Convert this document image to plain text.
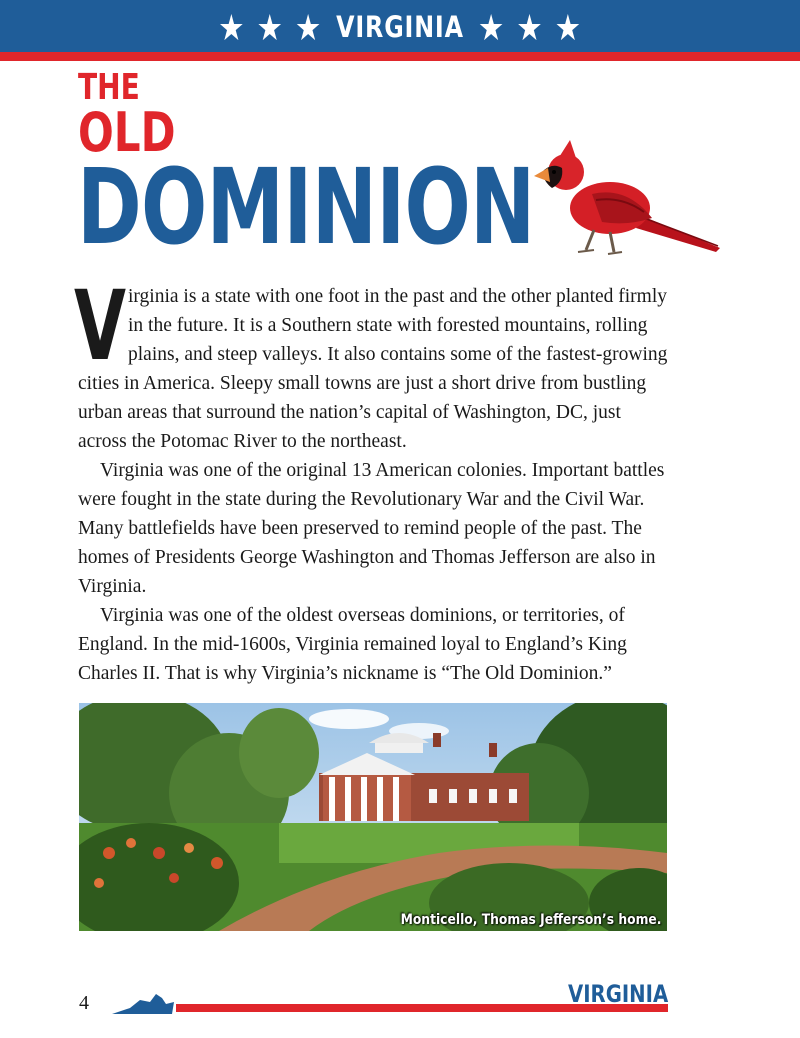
★ ★ ★ VIRGINIA ★ ★ ★
THE
OLD
DOMINION
V irginia is a state with one foot in the past and the other planted firmly in the future. It is a Southern state with forested mountains, rolling plains, and steep valleys. It also contains some of the fastest-growing cities in America. Sleepy small towns are just a short drive from bustling urban areas that surround the nation’s capital of Washington, DC, just across the Potomac River to the northeast.

Virginia was one of the original 13 American colonies. Important battles were fought in the state during the Revolutionary War and the Civil War. Many battlefields have been preserved to remind people of the past. The homes of Presidents George Washington and Thomas Jefferson are also in Virginia.

Virginia was one of the oldest overseas dominions, or territories, of England. In the mid-1600s, Virginia remained loyal to England’s King Charles II. That is why Virginia’s nickname is “The Old Dominion.”

Monticello, Thomas Jefferson’s home.
4	VIRGINIA
